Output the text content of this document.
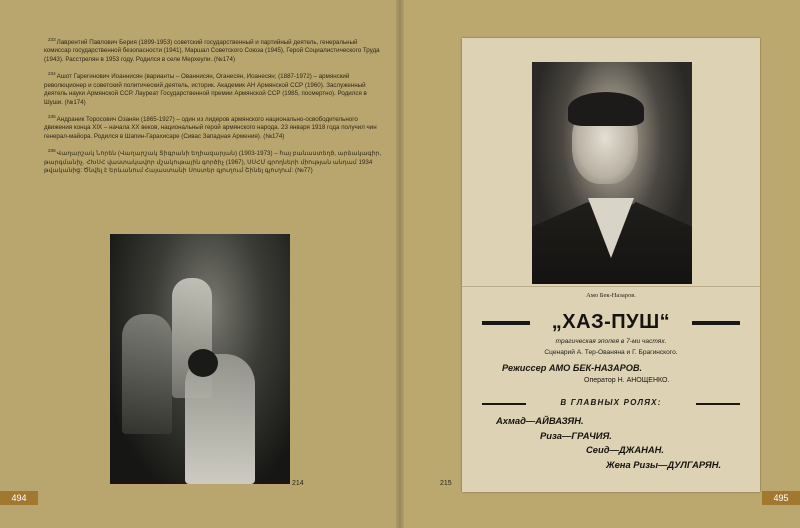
$^{233}$Лаврентий Павлович Берия (1899-1953) советский государственный и партийный деятель, генеральный комиссар государственной безопасности (1941), Маршал Советского Союза (1945), Герой Социалистического Труда (1943). Расстрелян в 1953 году. Родился в селе Мерхеули. (№174)

$^{234}$Ашот Гарегинович Иоаннисян (варианты – Ованнисян, Оганесян, Иоанесян; (1887-1972) – армянский революционер и советский политический деятель, историк. Академик АН Армянской ССР (1960). Заслуженный деятель науки Армянской ССР. Лауреат Государственной премии Армянской ССР (1985, посмертно). Родился в Шуши. (№174)

$^{235}$Андраник Торосович Озанян (1865-1927) – один из лидеров армянского национально-освободительного движения конца XIX – начала XX веков, национальный герой армянского народа. 23 января 1918 года получил чин генерал-майора. Родился в Шапин-Гарахисаре (Сивас Западная Армения). (№174)

$^{236}$Վաղարշակ Նորեն (Վաղարշակ Տիգրանի Եղիազարյան) (1903-1973) – հայ բանաստեղծ, արձակագիր, թարգմանիչ. ՀԽՍՀ վաստակավոր մշակութային գործիչ (1967), ՍՍՀՄ գրողների միության անդամ 1934 թվականից: Ծնվել է Երևանում Հայաստանի Սոստեր գյուղում Շինել գյուղում: (№77)

214
494
215
495
Амо Бек-Назаров.
„ХАЗ-ПУШ“
трагическая эпопея в 7-ми частях.
Сценарий А. Тер-Ованяна и Г. Брагинского.
Режиссер АМО БЕК-НАЗАРОВ.
Оператор Н. АНОЩЕНКО.
В ГЛАВНЫХ РОЛЯХ:
Ахмад—АЙВАЗЯН.
Риза—ГРАЧИЯ.
Сеид—ДЖАНАН.
Жена Ризы—ДУЛГАРЯН.
